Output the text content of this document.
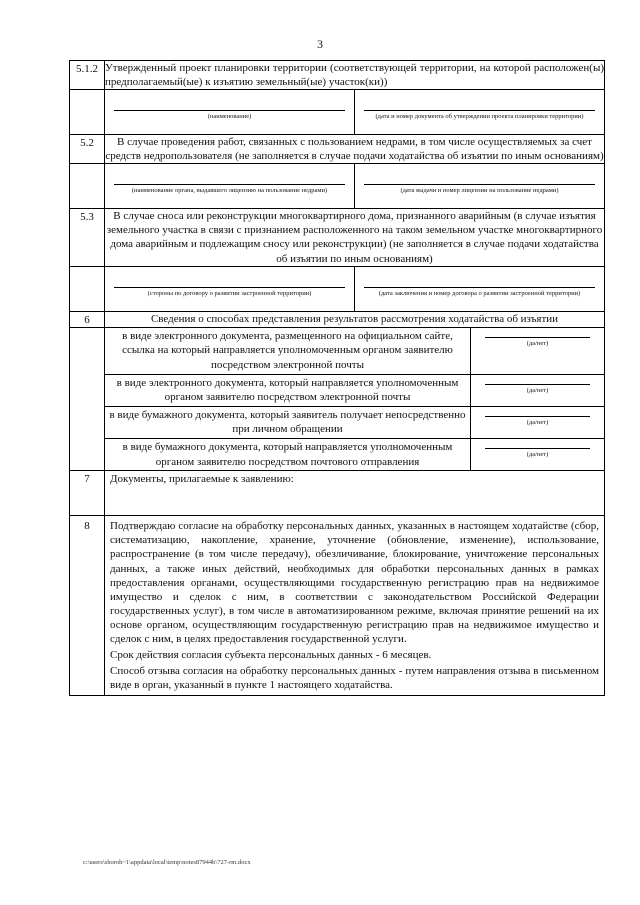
3
5.1.2	Утвержденный проект планировки территории (соответствующей территории, на которой расположен(ы) предполагаемый(ые) к изъятию земельный(ые) участок(ки))

(наименование)	(дата и номер документа об утверждении проекта планировки территории)

5.2	В случае проведения работ, связанных с пользованием недрами, в том числе осуществляемых за счет средств недропользователя (не заполняется в случае подачи ходатайства об изъятии по иным основаниям)

(наименование органа, выдавшего лицензию на пользование недрами)	(дата выдачи и номер лицензии на пользование недрами)

5.3	В случае сноса или реконструкции многоквартирного дома, признанного аварийным (в случае изъятия земельного участка в связи с признанием расположенного на таком земельном участке многоквартирного дома аварийным и подлежащим сносу или реконструкции) (не заполняется в случае подачи ходатайства об изъятии по иным основаниям)

(стороны по договору о развитии застроенной территории)	(дата заключения и номер договора о развитии застроенной территории)

6	Сведения о способах представления результатов рассмотрения ходатайства об изъятии

в виде электронного документа, размещенного на официальном сайте, ссылка на который направляется уполномоченным органом заявителю посредством электронной почты	
(да/нет)

в виде электронного документа, который направляется уполномоченным органом заявителю посредством электронной почты	
(да/нет)

в виде бумажного документа, который заявитель получает непосредственно при личном обращении	
(да/нет)

в виде бумажного документа, который направляется уполномоченным органом заявителю посредством почтового отправления	
(да/нет)

7	Документы, прилагаемые к заявлению:

8	Подтверждаю согласие на обработку персональных данных, указанных в настоящем ходатайстве (сбор, систематизацию, накопление, хранение, уточнение (обновление, изменение), использование, распространение (в том числе передачу), обезличивание, блокирование, уничтожение персональных данных, а также иных действий, необходимых для обработки персональных данных в рамках предоставления органами, осуществляющими государственную регистрацию прав на недвижимое имущество и сделок с ним, в соответствии с законодательством Российской Федерации государственных услуг), в том числе в автоматизированном режиме, включая принятие решений на их основе органом, осуществляющим государственную регистрацию прав на недвижимое имущество и сделок с ним, в целях предоставления государственной услуги.
Срок действия согласия субъекта персональных данных - 6 месяцев.
Способ отзыва согласия на обработку персональных данных - путем направления отзыва в письменном виде в орган, указанный в пункте 1 настоящего ходатайства.
c:\users\shoroh~1\appdata\local\temp\notes87944b\727-rm.docx
